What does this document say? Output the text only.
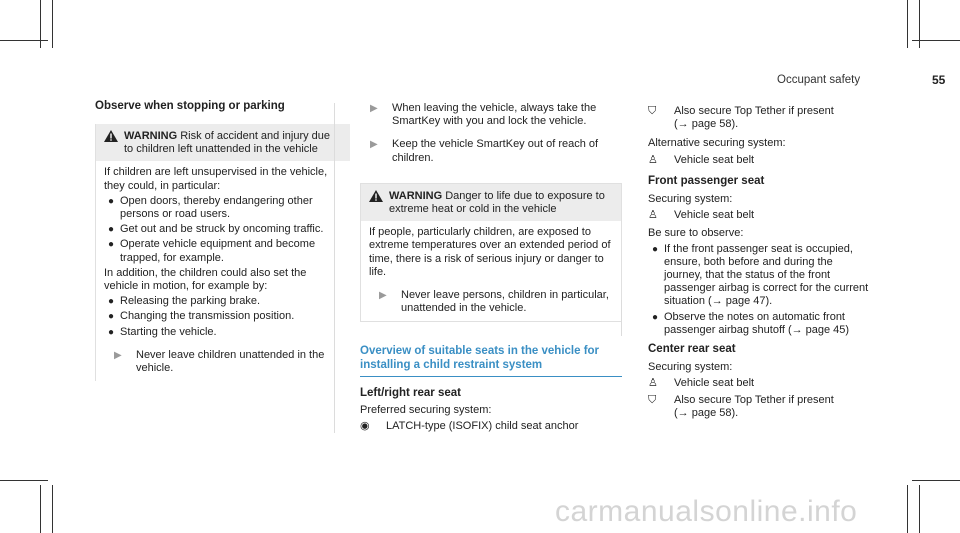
Occupant safety	55
Observe when stopping or parking
WARNING Risk of accident and injury due to children left unattended in the vehicle
If children are left unsupervised in the vehicle, they could, in particular:
● Open doors, thereby endangering other persons or road users.
● Get out and be struck by oncoming traffic.
● Operate vehicle equipment and become trapped, for example.
In addition, the children could also set the vehicle in motion, for example by:
● Releasing the parking brake.
● Changing the transmission position.
● Starting the vehicle.
▶	Never leave children unattended in the vehicle.
▶	When leaving the vehicle, always take the SmartKey with you and lock the vehicle.
▶	Keep the vehicle SmartKey out of reach of children.
WARNING Danger to life due to exposure to extreme heat or cold in the vehicle
If people, particularly children, are exposed to extreme temperatures over an extended period of time, there is a risk of serious injury or danger to life.
▶	Never leave persons, children in particular, unattended in the vehicle.
Overview of suitable seats in the vehicle for installing a child restraint system
Left/right rear seat
Preferred securing system:
◉	LATCH-type (ISOFIX) child seat anchor
⛉	Also secure Top Tether if present
(→ page 58).
Alternative securing system:
♙	Vehicle seat belt
Front passenger seat
Securing system:
♙	Vehicle seat belt
Be sure to observe:
● If the front passenger seat is occupied, ensure, both before and during the journey, that the status of the front passenger airbag is correct for the current situation (→ page 47).
● Observe the notes on automatic front passenger airbag shutoff (→ page 45)
Center rear seat
Securing system:
♙	Vehicle seat belt
⛉	Also secure Top Tether if present
(→ page 58).
carmanualsonline.info
